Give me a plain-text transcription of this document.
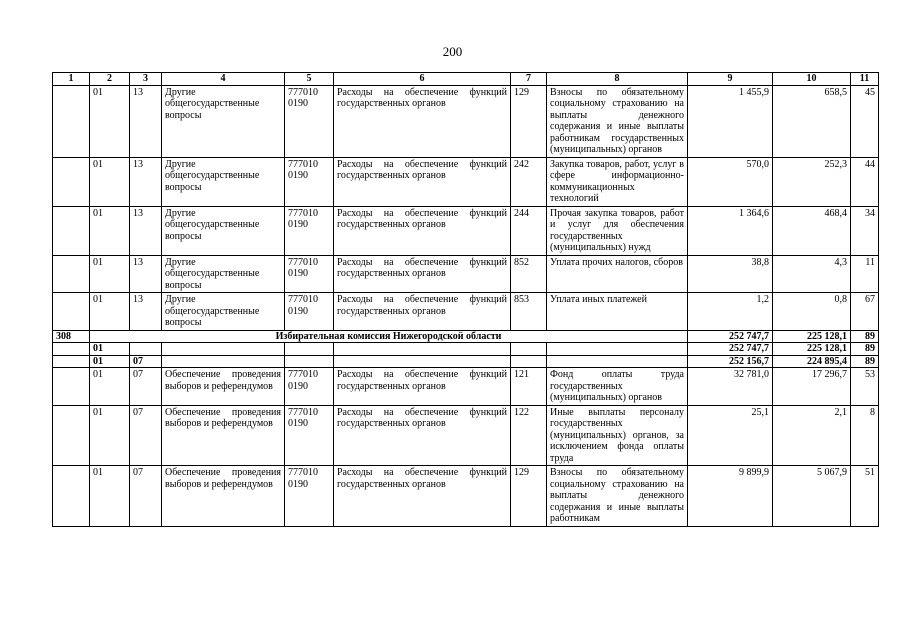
200
1	2	3	4	5	6	7	8	9	10	11
	01	13	Другие общегосударственные вопросы	777010 0190	Расходы на обеспечение функций государственных органов	129	Взносы по обязательному социальному страхованию на выплаты денежного содержания и иные выплаты работникам государственных (муниципальных) органов	1 455,9	658,5	45
	01	13	Другие общегосударственные вопросы	777010 0190	Расходы на обеспечение функций государственных органов	242	Закупка товаров, работ, услуг в сфере информационно-коммуникационных технологий	570,0	252,3	44
	01	13	Другие общегосударственные вопросы	777010 0190	Расходы на обеспечение функций государственных органов	244	Прочая закупка товаров, работ и услуг для обеспечения государственных (муниципальных) нужд	1 364,6	468,4	34
	01	13	Другие общегосударственные вопросы	777010 0190	Расходы на обеспечение функций государственных органов	852	Уплата прочих налогов, сборов	38,8	4,3	11
	01	13	Другие общегосударственные вопросы	777010 0190	Расходы на обеспечение функций государственных органов	853	Уплата иных платежей	1,2	0,8	67
308	Избирательная комиссия Нижегородской области							252 747,7	225 128,1	89
	01							252 747,7	225 128,1	89
	01	07						252 156,7	224 895,4	89
	01	07	Обеспечение проведения выборов и референдумов	777010 0190	Расходы на обеспечение функций государственных органов	121	Фонд оплаты труда государственных (муниципальных) органов	32 781,0	17 296,7	53
	01	07	Обеспечение проведения выборов и референдумов	777010 0190	Расходы на обеспечение функций государственных органов	122	Иные выплаты персоналу государственных (муниципальных) органов, за исключением фонда оплаты труда	25,1	2,1	8
	01	07	Обеспечение проведения выборов и референдумов	777010 0190	Расходы на обеспечение функций государственных органов	129	Взносы по обязательному социальному страхованию на выплаты денежного содержания и иные выплаты работникам	9 899,9	5 067,9	51
